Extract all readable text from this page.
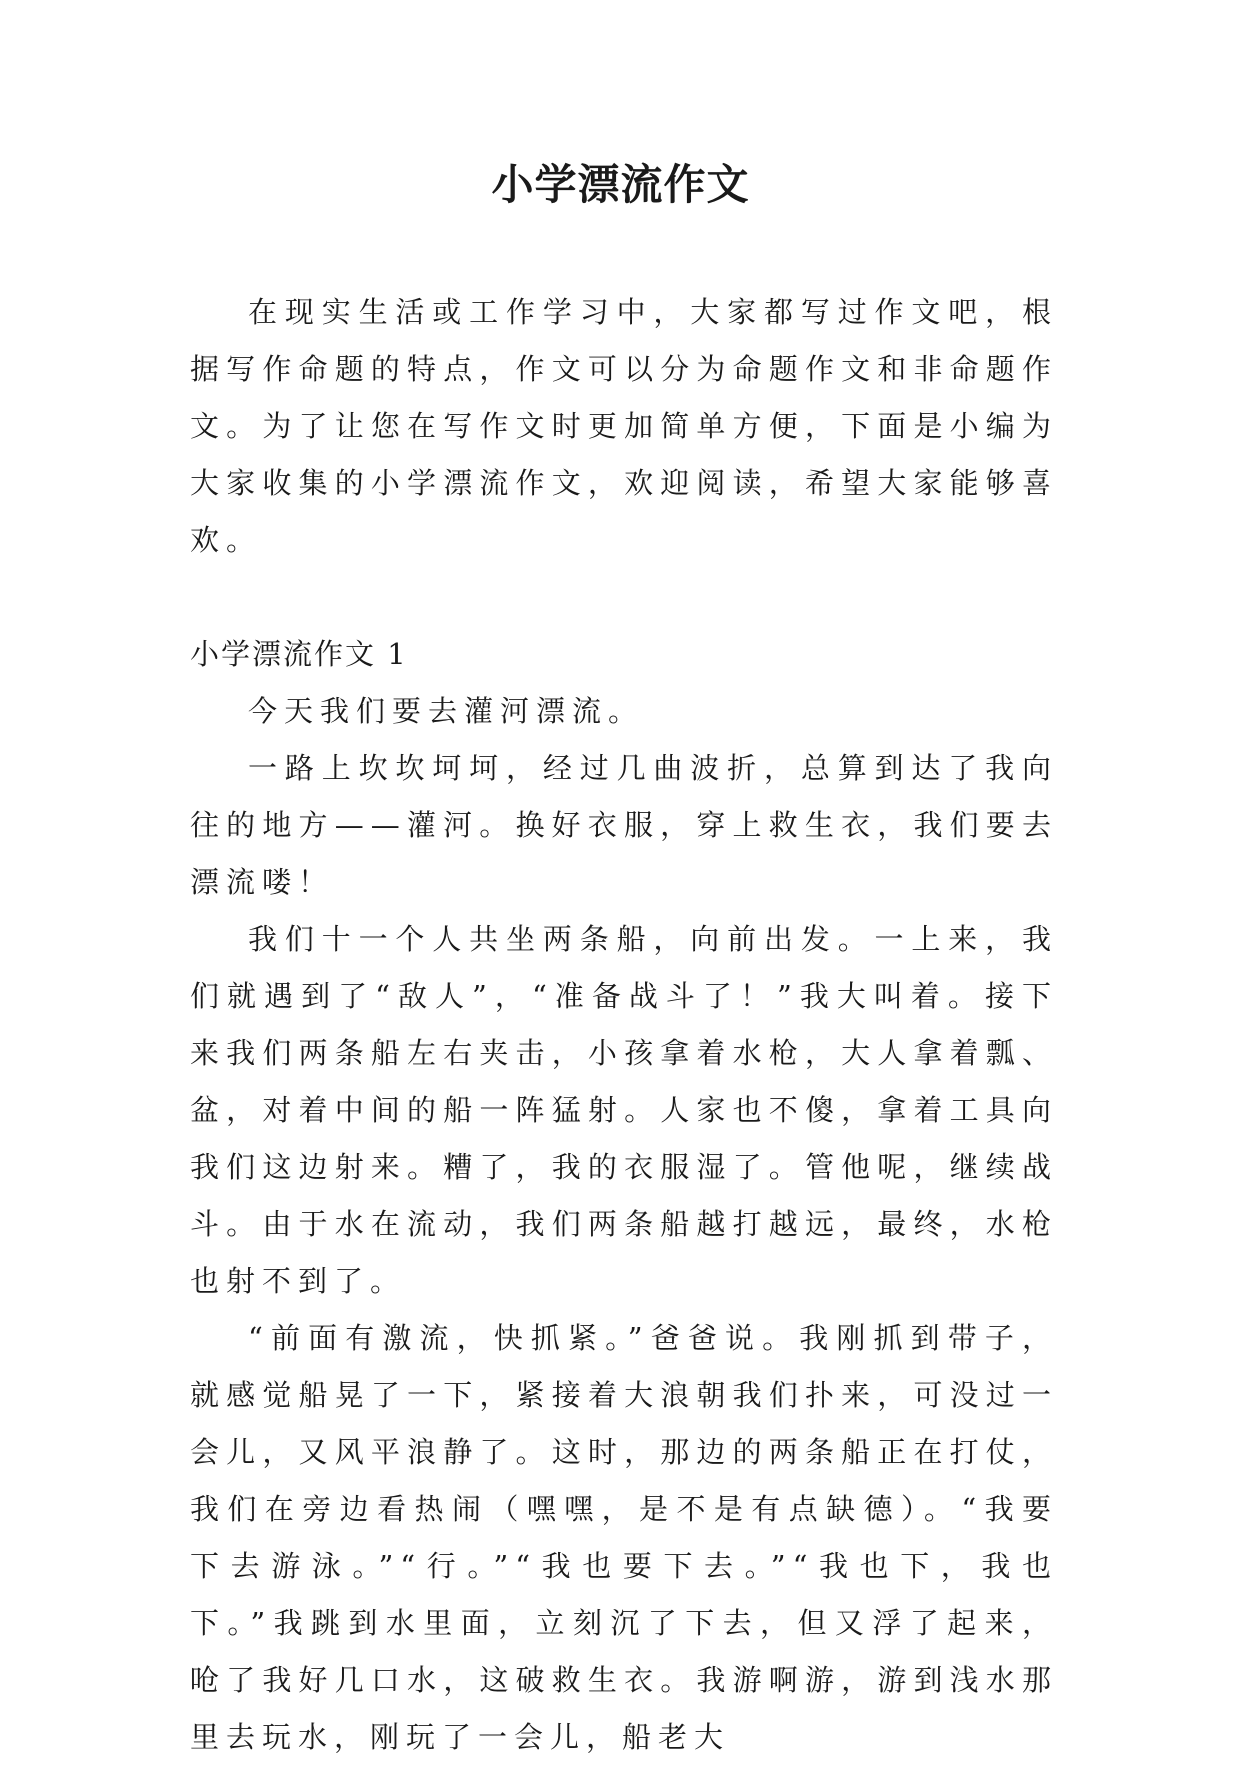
小学漂流作文

在现实生活或工作学习中，大家都写过作文吧，根据写作命题的特点，作文可以分为命题作文和非命题作文。为了让您在写作文时更加简单方便，下面是小编为大家收集的小学漂流作文，欢迎阅读，希望大家能够喜欢。

小学漂流作文 1

今天我们要去灌河漂流。

一路上坎坎坷坷，经过几曲波折，总算到达了我向往的地方——灌河。换好衣服，穿上救生衣，我们要去漂流喽！

我们十一个人共坐两条船，向前出发。一上来，我们就遇到了“敌人”，“准备战斗了！”我大叫着。接下来我们两条船左右夹击，小孩拿着水枪，大人拿着瓢、盆，对着中间的船一阵猛射。人家也不傻，拿着工具向我们这边射来。糟了，我的衣服湿了。管他呢，继续战斗。由于水在流动，我们两条船越打越远，最终，水枪也射不到了。

“前面有激流，快抓紧。”爸爸说。我刚抓到带子，就感觉船晃了一下，紧接着大浪朝我们扑来，可没过一会儿，又风平浪静了。这时，那边的两条船正在打仗，我们在旁边看热闹（嘿嘿，是不是有点缺德）。“我要下去游泳。”“行。”“我也要下去。”“我也下，我也下。”我跳到水里面，立刻沉了下去，但又浮了起来，呛了我好几口水，这破救生衣。我游啊游，游到浅水那里去玩水，刚玩了一会儿，船老大
